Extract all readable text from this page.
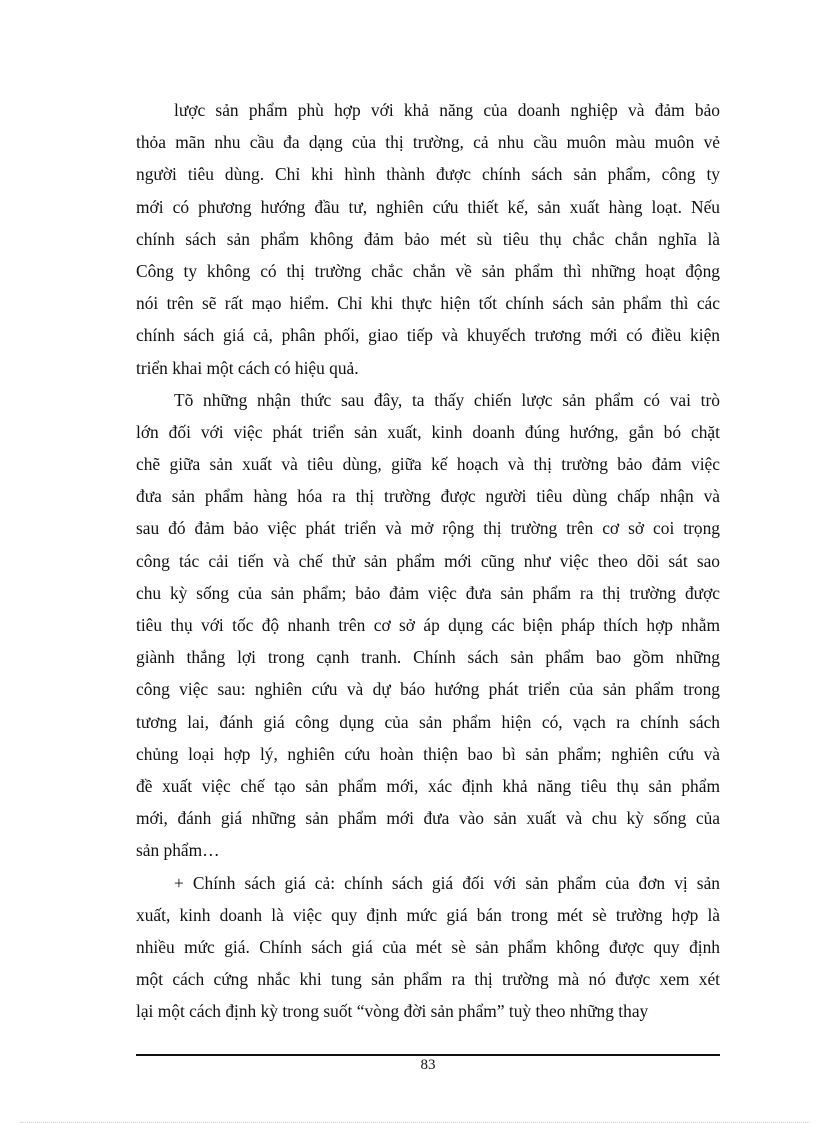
lược sản phẩm phù hợp với khả năng của doanh nghiệp và đảm bảo
thỏa mãn nhu cầu đa dạng của thị trường, cả nhu cầu muôn màu muôn vẻ
người tiêu dùng. Chỉ khi hình thành được chính sách sản phẩm, công ty
mới có phương hướng đầu tư, nghiên cứu thiết kế, sản xuất hàng loạt. Nếu
chính sách sản phẩm không đảm bảo mét sù tiêu thụ chắc chắn nghĩa là
Công ty không có thị trường chắc chắn về sản phẩm thì những hoạt động
nói trên sẽ rất mạo hiểm. Chỉ khi thực hiện tốt chính sách sản phẩm thì các
chính sách giá cả, phân phối, giao tiếp và khuyếch trương mới có điều kiện
triển khai một cách có hiệu quả.
Tõ những nhận thức sau đây, ta thấy chiến lược sản phẩm có vai trò
lớn đối với việc phát triển sản xuất, kinh doanh đúng hướng, gắn bó chặt
chẽ giữa sản xuất và tiêu dùng, giữa kế hoạch và thị trường bảo đảm việc
đưa sản phẩm hàng hóa ra thị trường được người tiêu dùng chấp nhận và
sau đó đảm bảo việc phát triển và mở rộng thị trường trên cơ sở coi trọng
công tác cải tiến và chế thử sản phẩm mới cũng như việc theo dõi sát sao
chu kỳ sống của sản phẩm; bảo đảm việc đưa sản phẩm ra thị trường được
tiêu thụ với tốc độ nhanh trên cơ sở áp dụng các biện pháp thích hợp nhằm
giành thắng lợi trong cạnh tranh. Chính sách sản phẩm bao gồm những
công việc sau: nghiên cứu và dự báo hướng phát triển của sản phẩm trong
tương lai, đánh giá công dụng của sản phẩm hiện có, vạch ra chính sách
chủng loại hợp lý, nghiên cứu hoàn thiện bao bì sản phẩm; nghiên cứu và
đề xuất việc chế tạo sản phẩm mới, xác định khả năng tiêu thụ sản phẩm
mới, đánh giá những sản phẩm mới đưa vào sản xuất và chu kỳ sống của
sản phẩm…
+ Chính sách giá cả: chính sách giá đối với sản phẩm của đơn vị sản
xuất, kinh doanh là việc quy định mức giá bán trong mét sè trường hợp là
nhiều mức giá. Chính sách giá của mét sè sản phẩm không được quy định
một cách cứng nhắc khi tung sản phẩm ra thị trường mà nó được xem xét
lại một cách định kỳ trong suốt “vòng đời sản phẩm” tuỳ theo những thay
83
